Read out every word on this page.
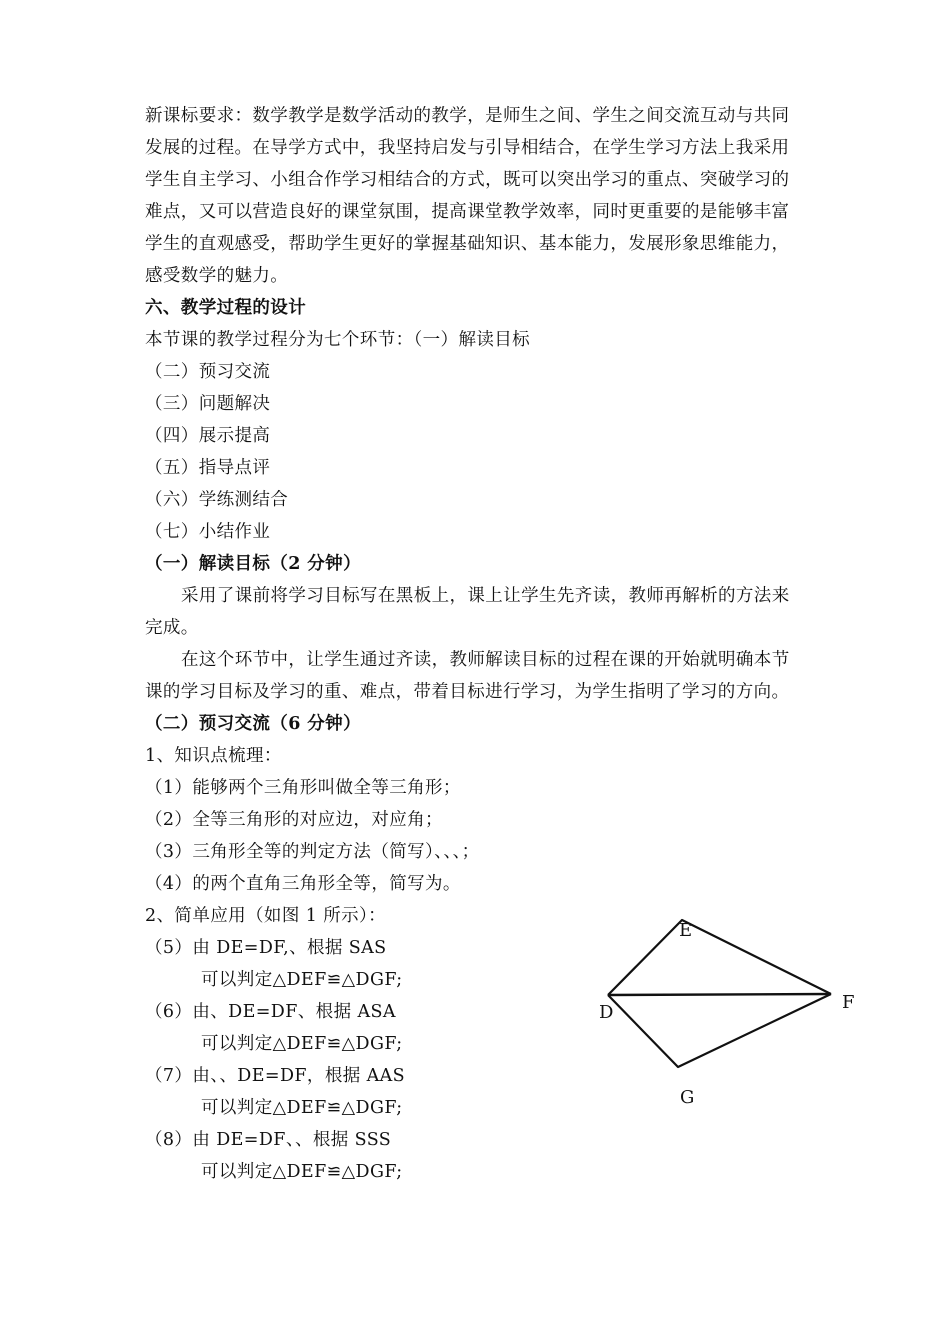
新课标要求：数学教学是数学活动的教学，是师生之间、学生之间交流互动与共同
发展的过程。在导学方式中，我坚持启发与引导相结合，在学生学习方法上我采用
学生自主学习、小组合作学习相结合的方式，既可以突出学习的重点、突破学习的
难点，又可以营造良好的课堂氛围，提高课堂教学效率，同时更重要的是能够丰富
学生的直观感受，帮助学生更好的掌握基础知识、基本能力，发展形象思维能力，
感受数学的魅力。
六、教学过程的设计
本节课的教学过程分为七个环节：（一）解读目标
（二）预习交流
（三）问题解决
（四）展示提高
（五）指导点评
（六）学练测结合
（七）小结作业
（一）解读目标（2 分钟）
采用了课前将学习目标写在黑板上，课上让学生先齐读，教师再解析的方法来
完成。
在这个环节中，让学生通过齐读，教师解读目标的过程在课的开始就明确本节
课的学习目标及学习的重、难点，带着目标进行学习，为学生指明了学习的方向。
（二）预习交流（6 分钟）
1、知识点梳理：
（1）能够两个三角形叫做全等三角形；
（2）全等三角形的对应边，对应角；
（3）三角形全等的判定方法（简写）、、、；
（4）的两个直角三角形全等，简写为。
2、简单应用（如图 1 所示）：
（5）由 DE=DF,、根据 SAS
可以判定△DEF≌△DGF;
（6）由、DE=DF、根据 ASA
可以判定△DEF≌△DGF;
（7）由、、DE=DF，根据 AAS
可以判定△DEF≌△DGF;
（8）由 DE=DF、、根据 SSS
可以判定△DEF≌△DGF;
E
D	F
G
